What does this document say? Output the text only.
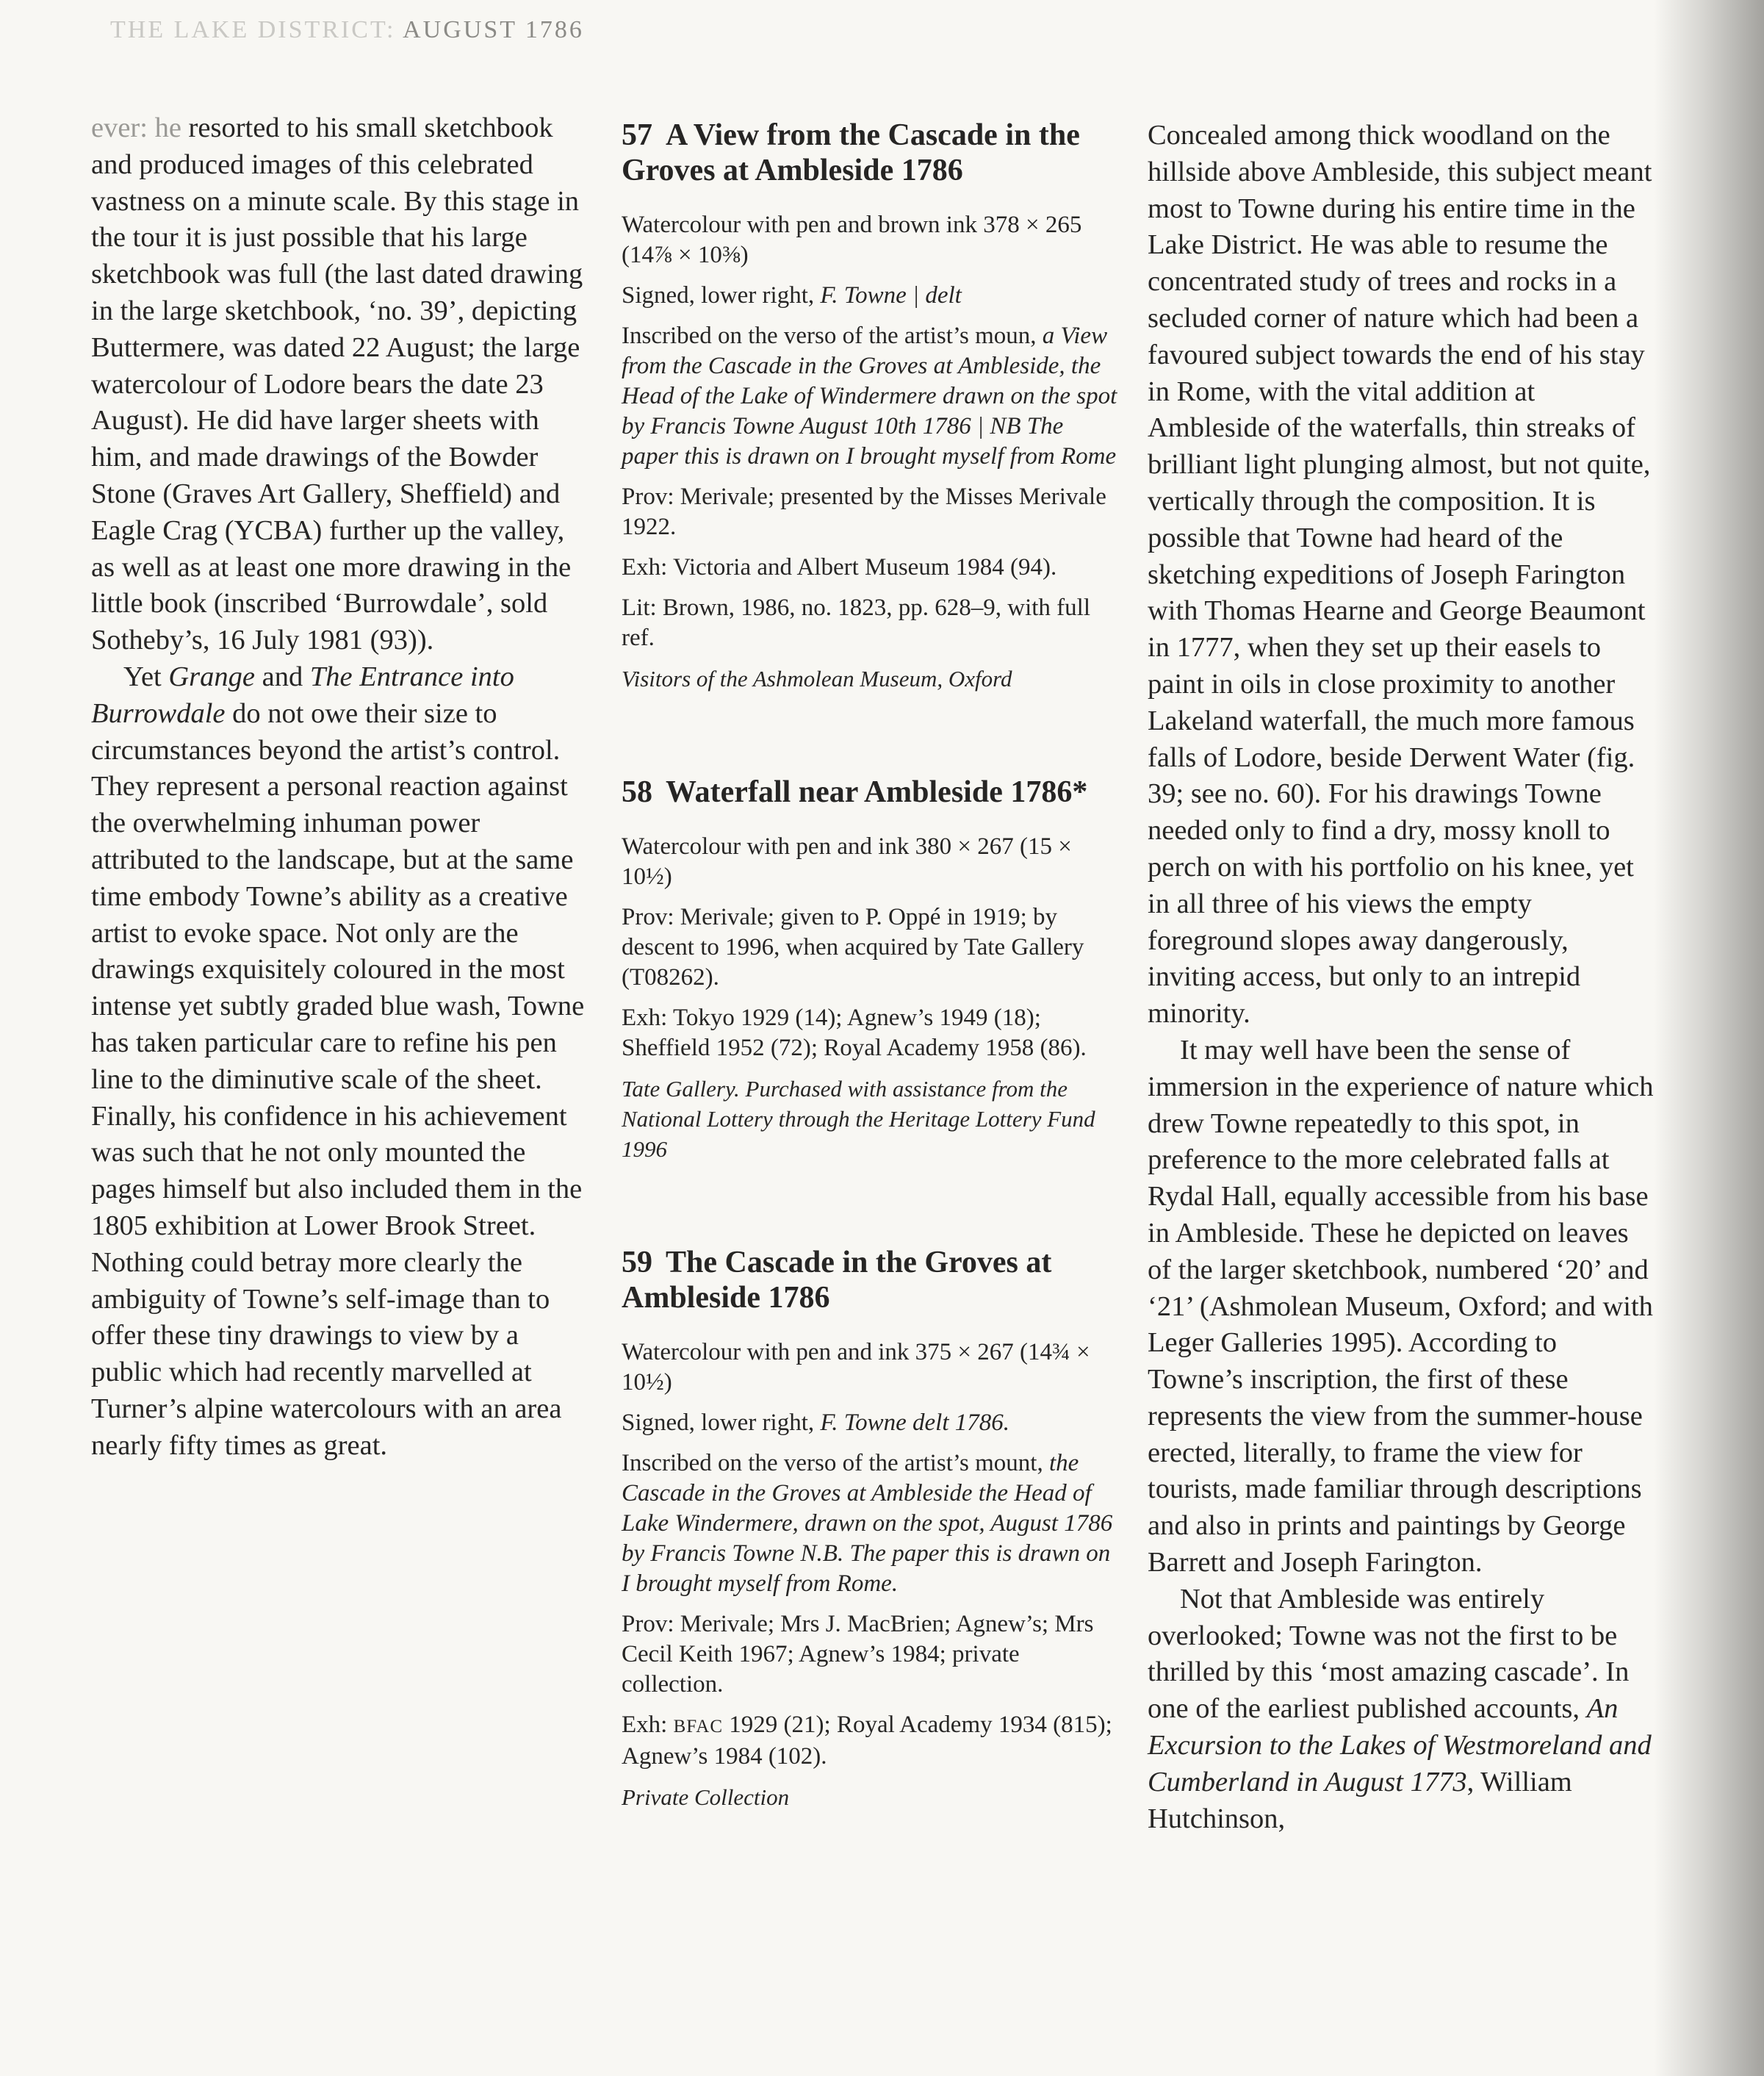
THE LAKE DISTRICT: AUGUST 1786

ever: he resorted to his small sketchbook and produced images of this celebrated vastness on a minute scale. By this stage in the tour it is just possible that his large sketchbook was full (the last dated drawing in the large sketchbook, ‘no. 39’, depicting Buttermere, was dated 22 August; the large watercolour of Lodore bears the date 23 August). He did have larger sheets with him, and made drawings of the Bowder Stone (Graves Art Gallery, Sheffield) and Eagle Crag (YCBA) further up the valley, as well as at least one more drawing in the little book (inscribed ‘Burrowdale’, sold Sotheby’s, 16 July 1981 (93)).

Yet Grange and The Entrance into Burrowdale do not owe their size to circumstances beyond the artist’s control. They represent a personal reaction against the overwhelming inhuman power attributed to the landscape, but at the same time embody Towne’s ability as a creative artist to evoke space. Not only are the drawings exquisitely coloured in the most intense yet subtly graded blue wash, Towne has taken particular care to refine his pen line to the diminutive scale of the sheet. Finally, his confidence in his achievement was such that he not only mounted the pages himself but also included them in the 1805 exhibition at Lower Brook Street. Nothing could betray more clearly the ambiguity of Towne’s self-image than to offer these tiny drawings to view by a public which had recently marvelled at Turner’s alpine watercolours with an area nearly fifty times as great.

57 A View from the Cascade in the Groves at Ambleside 1786

Watercolour with pen and brown ink 378 × 265 (14⅞ × 10⅜)

Signed, lower right, F. Towne | delt

Inscribed on the verso of the artist’s moun, a View from the Cascade in the Groves at Ambleside, the Head of the Lake of Windermere drawn on the spot by Francis Towne August 10th 1786 | NB The paper this is drawn on I brought myself from Rome

Prov: Merivale; presented by the Misses Merivale 1922.

Exh: Victoria and Albert Museum 1984 (94).

Lit: Brown, 1986, no. 1823, pp. 628–9, with full ref.

Visitors of the Ashmolean Museum, Oxford

58 Waterfall near Ambleside 1786*

Watercolour with pen and ink 380 × 267 (15 × 10½)

Prov: Merivale; given to P. Oppé in 1919; by descent to 1996, when acquired by Tate Gallery (T08262).

Exh: Tokyo 1929 (14); Agnew’s 1949 (18); Sheffield 1952 (72); Royal Academy 1958 (86).

Tate Gallery. Purchased with assistance from the National Lottery through the Heritage Lottery Fund 1996

59 The Cascade in the Groves at Ambleside 1786

Watercolour with pen and ink 375 × 267 (14¾ × 10½)

Signed, lower right, F. Towne delt 1786.

Inscribed on the verso of the artist’s mount, the Cascade in the Groves at Ambleside the Head of Lake Windermere, drawn on the spot, August 1786 by Francis Towne N.B. The paper this is drawn on I brought myself from Rome.

Prov: Merivale; Mrs J. MacBrien; Agnew’s; Mrs Cecil Keith 1967; Agnew’s 1984; private collection.

Exh: BFAC 1929 (21); Royal Academy 1934 (815); Agnew’s 1984 (102).

Private Collection

Concealed among thick woodland on the hillside above Ambleside, this subject meant most to Towne during his entire time in the Lake District. He was able to resume the concentrated study of trees and rocks in a secluded corner of nature which had been a favoured subject towards the end of his stay in Rome, with the vital addition at Ambleside of the waterfalls, thin streaks of brilliant light plunging almost, but not quite, vertically through the composition. It is possible that Towne had heard of the sketching expeditions of Joseph Farington with Thomas Hearne and George Beaumont in 1777, when they set up their easels to paint in oils in close proximity to another Lakeland waterfall, the much more famous falls of Lodore, beside Derwent Water (fig. 39; see no. 60). For his drawings Towne needed only to find a dry, mossy knoll to perch on with his portfolio on his knee, yet in all three of his views the empty foreground slopes away dangerously, inviting access, but only to an intrepid minority.

It may well have been the sense of immersion in the experience of nature which drew Towne repeatedly to this spot, in preference to the more celebrated falls at Rydal Hall, equally accessible from his base in Ambleside. These he depicted on leaves of the larger sketchbook, numbered ‘20’ and ‘21’ (Ashmolean Museum, Oxford; and with Leger Galleries 1995). According to Towne’s inscription, the first of these represents the view from the summer-house erected, literally, to frame the view for tourists, made familiar through descriptions and also in prints and paintings by George Barrett and Joseph Farington.

Not that Ambleside was entirely overlooked; Towne was not the first to be thrilled by this ‘most amazing cascade’. In one of the earliest published accounts, An Excursion to the Lakes of Westmoreland and Cumberland in August 1773, William Hutchinson,
